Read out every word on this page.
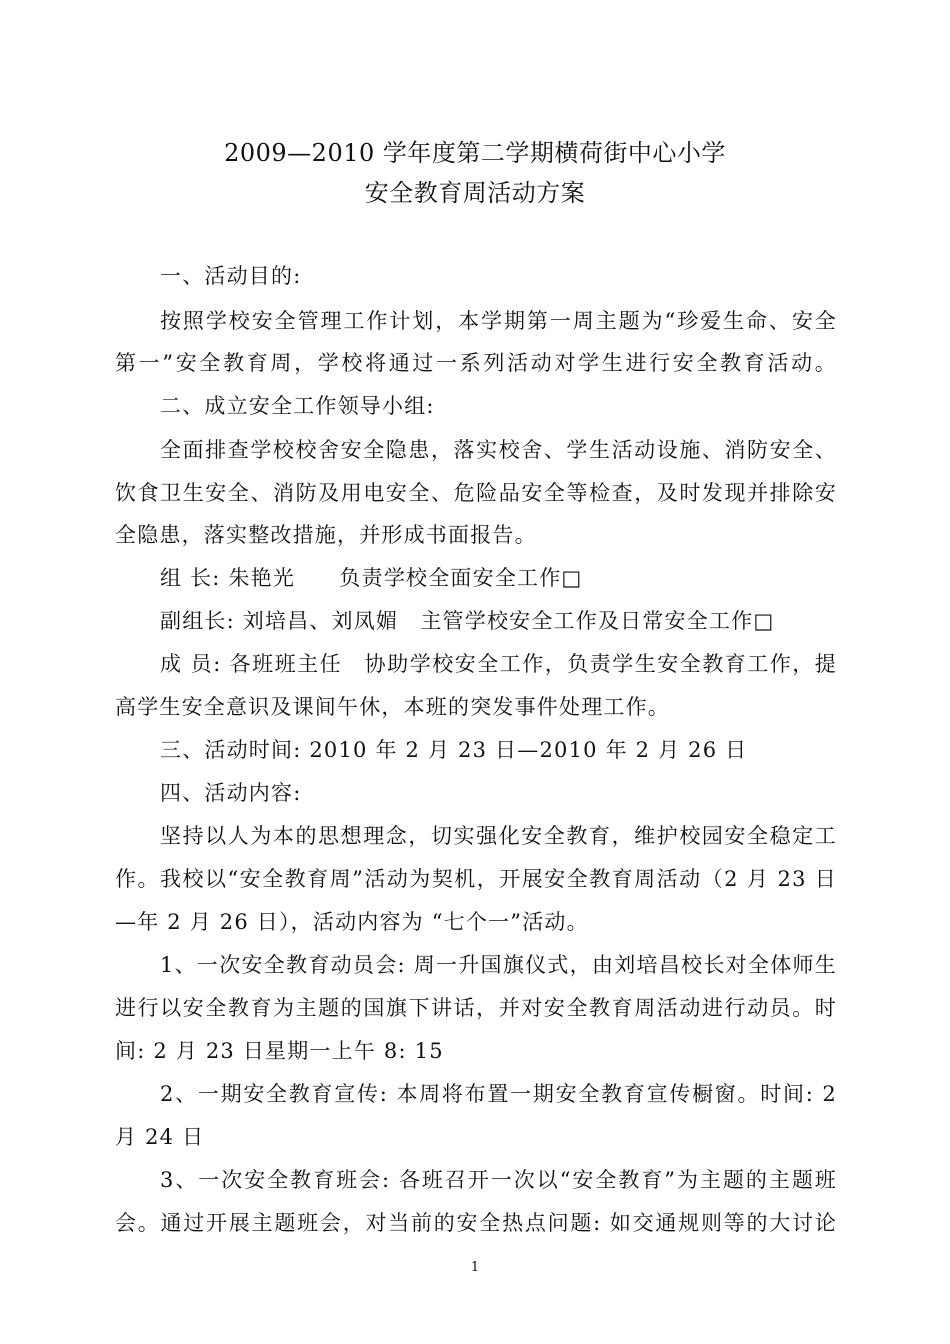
2009—2010 学年度第二学期横荷街中心小学
安全教育周活动方案
一、活动目的:
按照学校安全管理工作计划，本学期第一周主题为“珍爱生命、安全
第一”安全教育周，学校将通过一系列活动对学生进行安全教育活动。
二、成立安全工作领导小组:
全面排查学校校舍安全隐患，落实校舍、学生活动设施、消防安全、
饮食卫生安全、消防及用电安全、危险品安全等检查，及时发现并排除安
全隐患，落实整改措施，并形成书面报告。
组 长: 朱艳光　　负责学校全面安全工作□
副组长: 刘培昌、刘凤媚　主管学校安全工作及日常安全工作□
成 员: 各班班主任　协助学校安全工作，负责学生安全教育工作，提
高学生安全意识及课间午休，本班的突发事件处理工作。
三、活动时间: 2010 年 2 月 23 日—2010 年 2 月 26 日
四、活动内容:
坚持以人为本的思想理念，切实强化安全教育，维护校园安全稳定工
作。我校以“安全教育周”活动为契机，开展安全教育周活动（2 月 23 日
—年 2 月 26 日），活动内容为 “七个一”活动。
1、一次安全教育动员会: 周一升国旗仪式，由刘培昌校长对全体师生
进行以安全教育为主题的国旗下讲话，并对安全教育周活动进行动员。时
间: 2 月 23 日星期一上午 8: 15
2、一期安全教育宣传: 本周将布置一期安全教育宣传橱窗。时间: 2
月 24 日
3、一次安全教育班会: 各班召开一次以“安全教育”为主题的主题班
会。通过开展主题班会，对当前的安全热点问题: 如交通规则等的大讨论
1
